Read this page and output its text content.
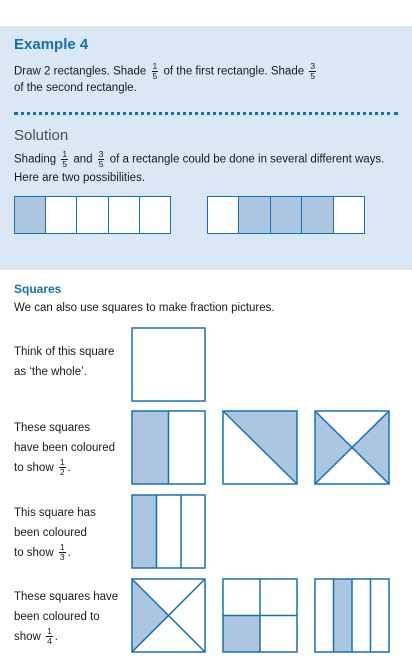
Example 4
Draw 2 rectangles. Shade $\frac{1}{5}$ of the first rectangle. Shade $\frac{3}{5}$
of the second rectangle.
Solution
Shading $\frac{1}{5}$ and $\frac{3}{5}$ of a rectangle could be done in several different ways.
Here are two possibilities.
Squares
We can also use squares to make fraction pictures.
Think of this square
as ‘the whole’.
These squares
have been coloured
to show $\frac{1}{2}$ .
This square has
been coloured
to show $\frac{1}{3}$ .
These squares have
been coloured to
show $\frac{1}{4}$ .
